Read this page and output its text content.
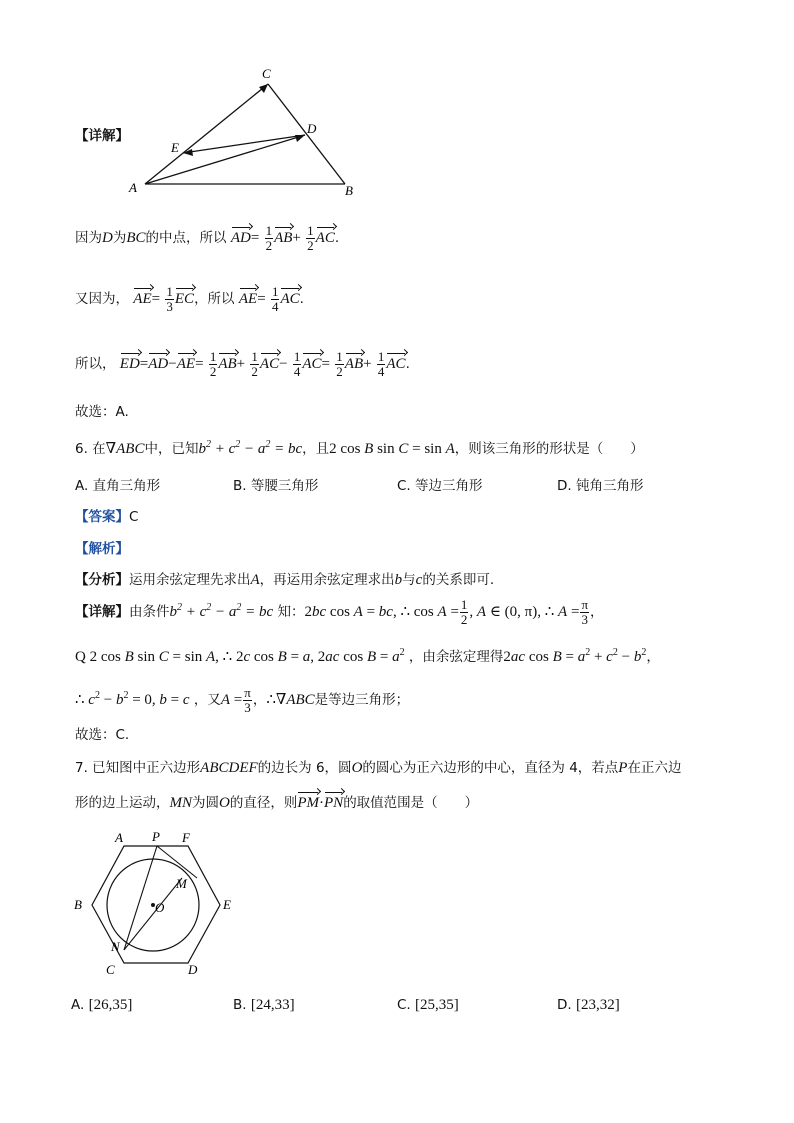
【详解】
A	B
C
D
E
因为D为BC的中点，所以 $AD= \frac{1}{2} AB+ \frac{1}{2}$ AC.
又因为， $AE= \frac{1}{3}$ EC，所以 $AE= \frac{1}{4}$ AC.
所以， $ED=AD-AE= \frac{1}{2} AB+ \frac{1}{2} AC- \frac{1}{4} AC= \frac{1}{2} AB+ \frac{1}{4}$ AC.
故选：A.
6. 在∇ABC中，已知$b^2 + c^2 - a^2$ = bc，且2 cos B sin C = sin A，则该三角形的形状是（　　）
A. 直角三角形	B. 等腰三角形	C. 等边三角形	D. 钝角三角形
【答案】C
【解析】
【分析】运用余弦定理先求出A，再运用余弦定理求出b与c的关系即可.
【详解】由条件$b^2 + c^2 - a^2$ = bc 知：2bc cos A = bc, ∴ $\cos A = \frac{1}{2}$ , A ∈ (0, π), ∴ $A = \frac{\pi}{3}$ ，
Q 2 cos B sin C = sin A, ∴ 2c cos B = a, 2ac $\cos B = a^2$ ，由余弦定理得2ac $\cos B = a^2 + c^2 - b^2$，
∴ $c^2 - b^2 = 0$, b = c ，又$A = \frac{\pi}{3}$ ，∴∇ABC是等边三角形；
故选：C.
7. 已知图中正六边形ABCDEF的边长为 6，圆O的圆心为正六边形的中心，直径为 4，若点P在正六边
形的边上运动，MN为圆O的直径，则PM·PN的取值范围是（　　）
A P F
M
B	O	E
N
C	D
A. [26,35]	B. [24,33]	C. [25,35]	D. [23,32]
